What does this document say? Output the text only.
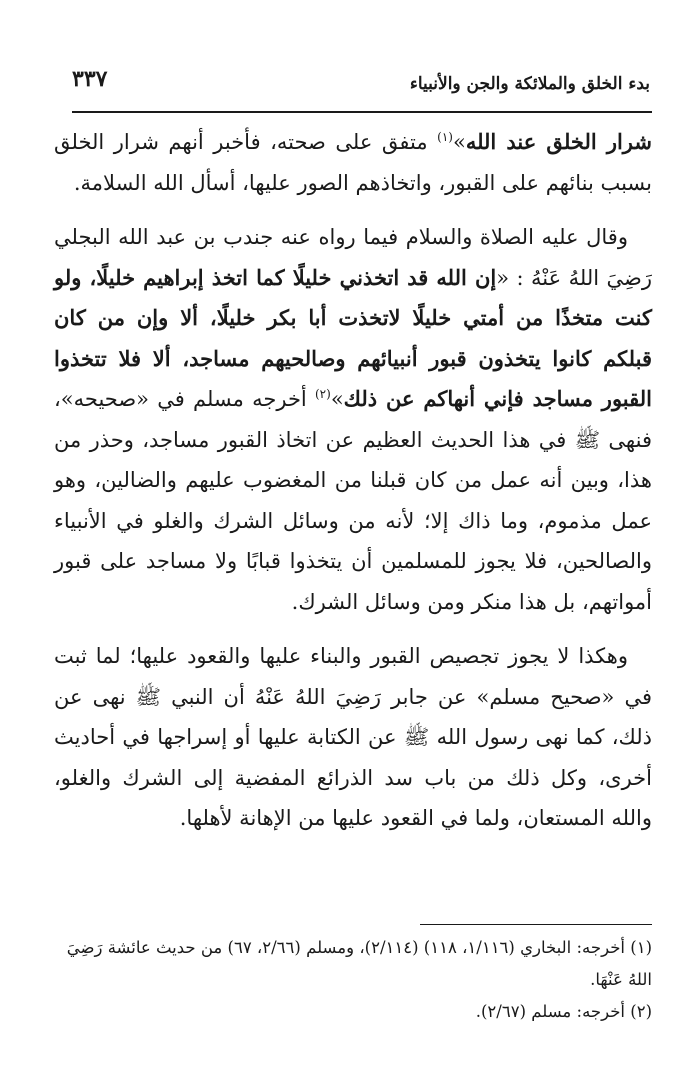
بدء الخلق والملائكة والجن والأنبياء
٣٣٧

شرار الخلق عند الله»$^{(١)}$ متفق على صحته، فأخبر أنهم شرار الخلق بسبب بنائهم على القبور، واتخاذهم الصور عليها، أسأل الله السلامة.

وقال عليه الصلاة والسلام فيما رواه عنه جندب بن عبد الله البجلي رَضِيَ اللهُ عَنْهُ : «إن الله قد اتخذني خليلًا كما اتخذ إبراهيم خليلًا، ولو كنت متخذًا من أمتي خليلًا لاتخذت أبا بكر خليلًا، ألا وإن من كان قبلكم كانوا يتخذون قبور أنبيائهم وصالحيهم مساجد، ألا فلا تتخذوا القبور مساجد فإني أنهاكم عن ذلك»$^{(٢)}$ أخرجه مسلم في «صحيحه»، فنهى ﷺ في هذا الحديث العظيم عن اتخاذ القبور مساجد، وحذر من هذا، وبين أنه عمل من كان قبلنا من المغضوب عليهم والضالين، وهو عمل مذموم، وما ذاك إلا؛ لأنه من وسائل الشرك والغلو في الأنبياء والصالحين، فلا يجوز للمسلمين أن يتخذوا قبابًا ولا مساجد على قبور أمواتهم، بل هذا منكر ومن وسائل الشرك.

وهكذا لا يجوز تجصيص القبور والبناء عليها والقعود عليها؛ لما ثبت في «صحيح مسلم» عن جابر رَضِيَ اللهُ عَنْهُ أن النبي ﷺ نهى عن ذلك، كما نهى رسول الله ﷺ عن الكتابة عليها أو إسراجها في أحاديث أخرى، وكل ذلك من باب سد الذرائع المفضية إلى الشرك والغلو، والله المستعان، ولما في القعود عليها من الإهانة لأهلها.

(١) أخرجه: البخاري (١/١١٦، ١١٨) (٢/١١٤)، ومسلم (٢/٦٦، ٦٧) من حديث عائشة رَضِيَ اللهُ عَنْهَا.

(٢) أخرجه: مسلم (٢/٦٧).
